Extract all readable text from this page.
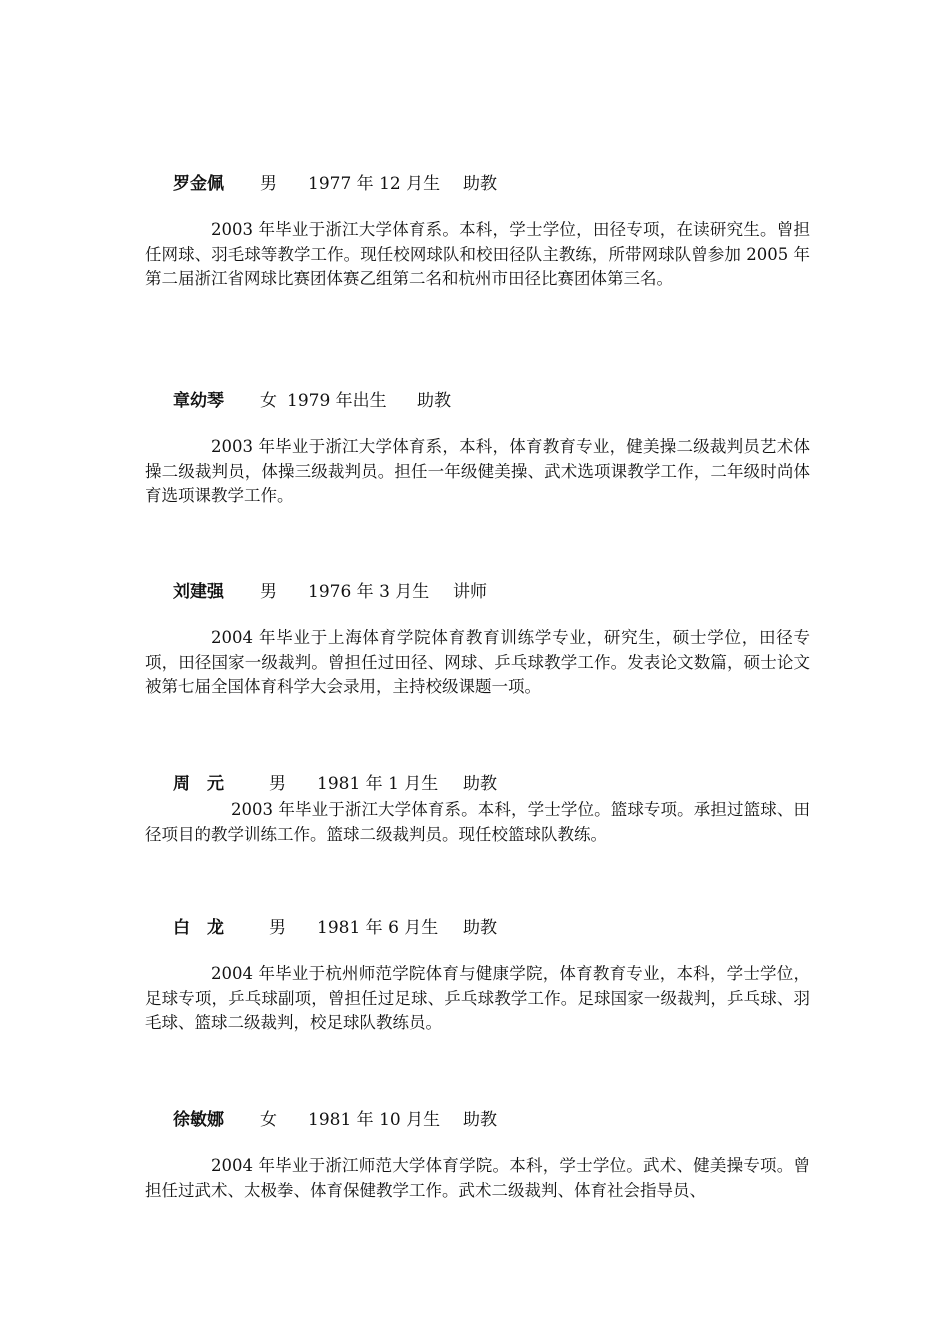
罗金佩 男 1977 年 12 月生 助教

2003 年毕业于浙江大学体育系。本科，学士学位，田径专项，在读研究生。曾担任网球、羽毛球等教学工作。现任校网球队和校田径队主教练，所带网球队曾参加 2005 年第二届浙江省网球比赛团体赛乙组第二名和杭州市田径比赛团体第三名。

章幼琴 女 1979 年出生 助教

2003 年毕业于浙江大学体育系，本科，体育教育专业，健美操二级裁判员艺术体操二级裁判员，体操三级裁判员。担任一年级健美操、武术选项课教学工作，二年级时尚体育选项课教学工作。

刘建强 男 1976 年 3 月生 讲师

2004 年毕业于上海体育学院体育教育训练学专业，研究生，硕士学位，田径专项，田径国家一级裁判。曾担任过田径、网球、乒乓球教学工作。发表论文数篇，硕士论文被第七届全国体育科学大会录用，主持校级课题一项。

周　元	男 1981 年 1 月生 助教

2003 年毕业于浙江大学体育系。本科，学士学位。篮球专项。承担过篮球、田径项目的教学训练工作。篮球二级裁判员。现任校篮球队教练。

白　龙	男 1981 年 6 月生 助教

2004 年毕业于杭州师范学院体育与健康学院，体育教育专业，本科，学士学位，足球专项，乒乓球副项，曾担任过足球、乒乓球教学工作。足球国家一级裁判，乒乓球、羽毛球、篮球二级裁判，校足球队教练员。

徐敏娜 女 1981 年 10 月生 助教

2004 年毕业于浙江师范大学体育学院。本科，学士学位。武术、健美操专项。曾担任过武术、太极拳、体育保健教学工作。武术二级裁判、体育社会指导员、
